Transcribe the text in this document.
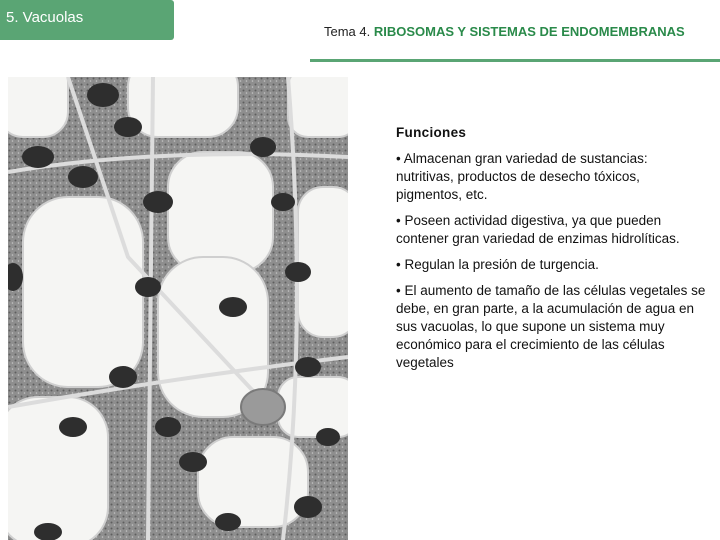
5. Vacuolas
Tema 4. RIBOSOMAS Y SISTEMAS DE ENDOMEMBRANAS
Funciones

• Almacenan gran variedad de sustancias: nutritivas, productos de desecho tóxicos, pigmentos, etc.

• Poseen actividad digestiva, ya que pueden contener gran variedad de enzimas hidrolíticas.

• Regulan la presión de turgencia.

• El aumento de tamaño de las células vegetales se debe, en gran parte, a la acumulación de agua en sus vacuolas, lo que supone un sistema muy económico para el crecimiento de las células vegetales
